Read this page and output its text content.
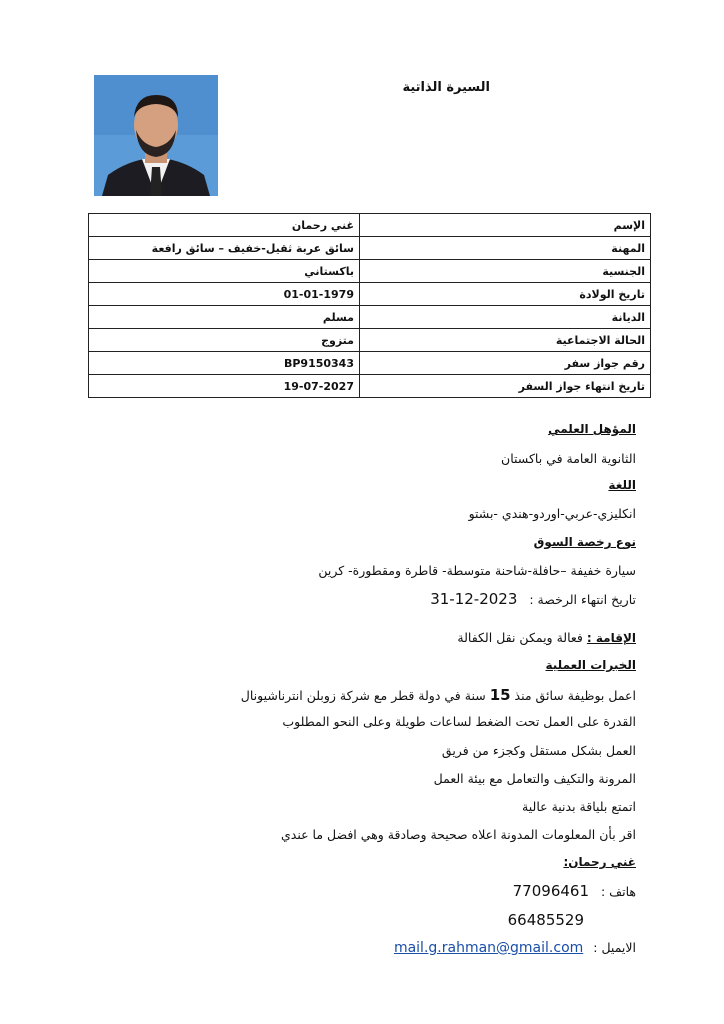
السيرة الذاتية
الإسم	غني رحمان
المهنة	سائق عربة ثقيل-خفيف – سائق رافعة
الجنسية	باكستاني
تاريخ الولادة	01-01-1979
الديانة	مسلم
الحالة الاجتماعية	متزوج
رقم جواز سفر	BP9150343
تاريخ انتهاء جواز السفر	19-07-2027
المؤهل العلمي
الثانوية العامة في باكستان
اللغة
انكليزي-عربي-اوردو-هندي -بشتو
نوع رخصة السوق
سيارة خفيفة –حافلة-شاحنة متوسطة- قاطرة ومقطورة- كرين
تاريخ انتهاء الرخصة : 31-12-2023
الإقامة : فعالة ويمكن نقل الكفالة
الخبرات العملية
اعمل بوظيفة سائق منذ 15 سنة في دولة قطر مع شركة زوبلن انترناشيونال
القدرة على العمل تحت الضغط لساعات طويلة وعلى النحو المطلوب
العمل بشكل مستقل وكجزء من فريق
المرونة والتكيف والتعامل مع بيئة العمل
اتمتع بلياقة بدنية عالية
اقر بأن المعلومات المدونة اعلاه صحيحة وصادقة وهي افضل ما عندي
غني رحمان:
هاتف : 77096461
66485529
الايميل : mail.g.rahman@gmail.com
